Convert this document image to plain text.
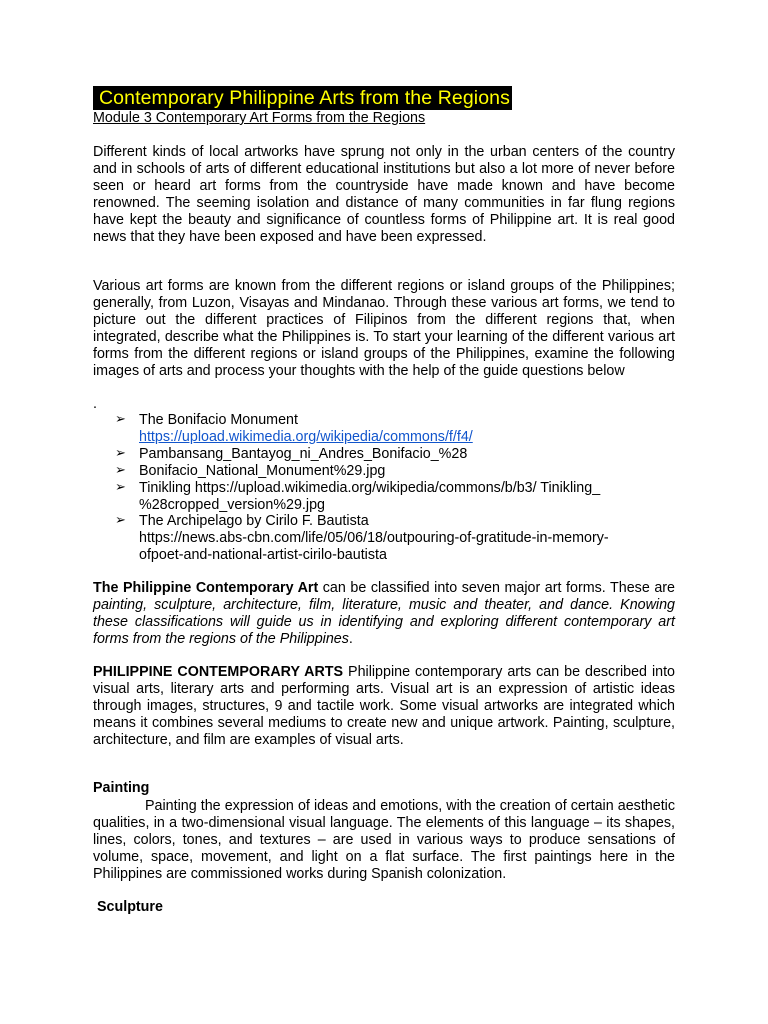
Contemporary Philippine Arts from the Regions
Module 3 Contemporary Art Forms from the Regions

Different kinds of local artworks have sprung not only in the urban centers of the country and in schools of arts of different educational institutions but also a lot more of never before seen or heard art forms from the countryside have made known and have become renowned. The seeming isolation and distance of many communities in far flung regions have kept the beauty and significance of countless forms of Philippine art. It is real good news that they have been exposed and have been expressed.

Various art forms are known from the different regions or island groups of the Philippines; generally, from Luzon, Visayas and Mindanao. Through these various art forms, we tend to picture out the different practices of Filipinos from the different regions that, when integrated, describe what the Philippines is. To start your learning of the different various art forms from the different regions or island groups of the Philippines, examine the following images of arts and process your thoughts with the help of the guide questions below

.
➢ The Bonifacio Monument
https://upload.wikimedia.org/wikipedia/commons/f/f4/
➢ Pambansang_Bantayog_ni_Andres_Bonifacio_%28
➢ Bonifacio_National_Monument%29.jpg
➢ Tinikling https://upload.wikimedia.org/wikipedia/commons/b/b3/ Tinikling_
%28cropped_version%29.jpg
➢ The Archipelago by Cirilo F. Bautista
https://news.abs-cbn.com/life/05/06/18/outpouring-of-gratitude-in-memory-
ofpoet-and-national-artist-cirilo-bautista

The Philippine Contemporary Art can be classified into seven major art forms. These are painting, sculpture, architecture, film, literature, music and theater, and dance. Knowing these classifications will guide us in identifying and exploring different contemporary art forms from the regions of the Philippines.

PHILIPPINE CONTEMPORARY ARTS Philippine contemporary arts can be described into visual arts, literary arts and performing arts. Visual art is an expression of artistic ideas through images, structures, 9 and tactile work. Some visual artworks are integrated which means it combines several mediums to create new and unique artwork. Painting, sculpture, architecture, and film are examples of visual arts.

Painting

Painting the expression of ideas and emotions, with the creation of certain aesthetic qualities, in a two-dimensional visual language. The elements of this language – its shapes, lines, colors, tones, and textures – are used in various ways to produce sensations of volume, space, movement, and light on a flat surface. The first paintings here in the Philippines are commissioned works during Spanish colonization.

Sculpture
